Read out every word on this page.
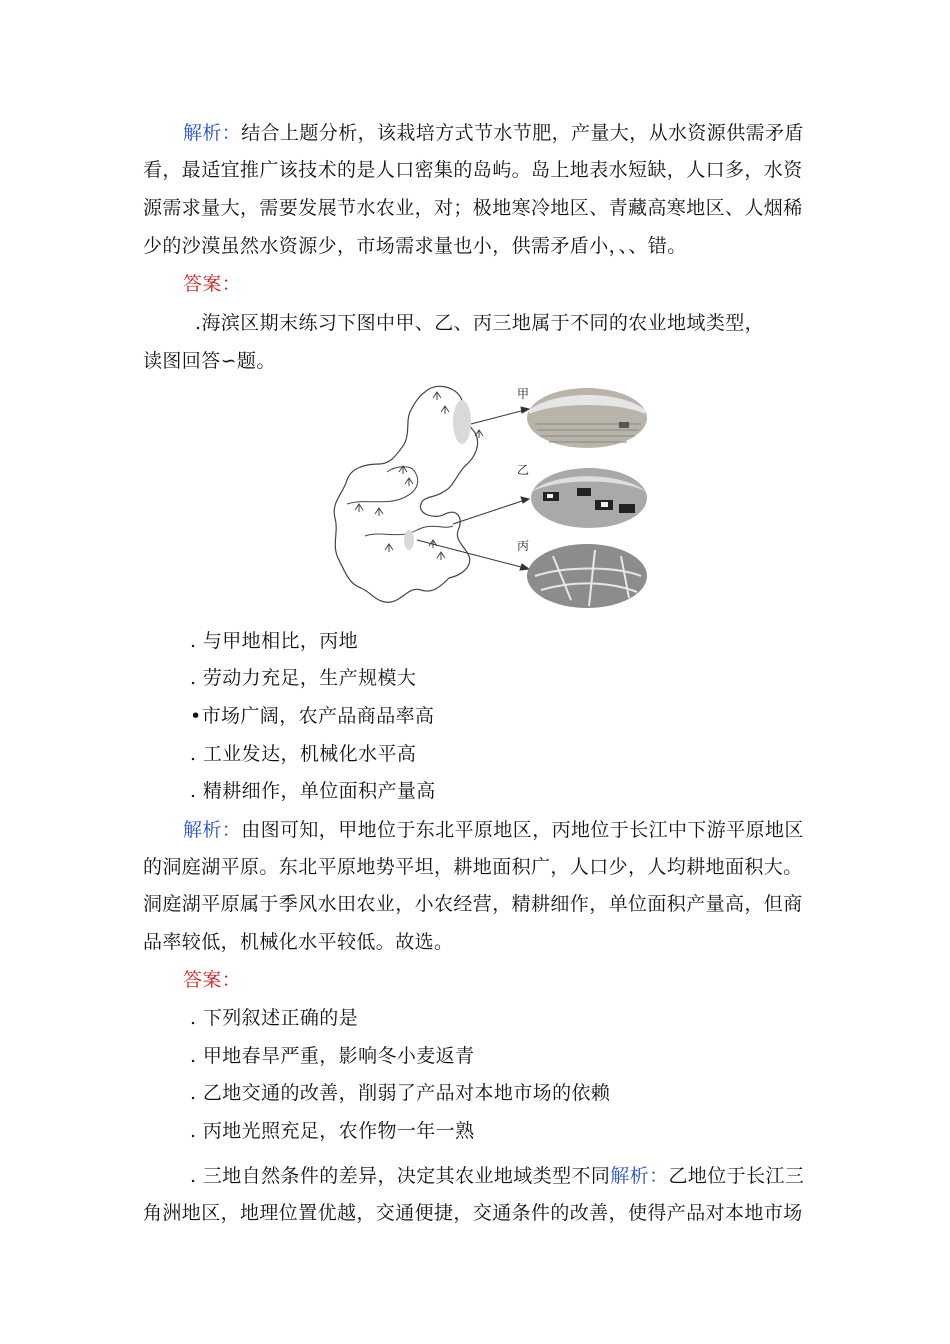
解析：结合上题分析，该栽培方式节水节肥，产量大，从水资源供需矛盾
看，最适宜推广该技术的是人口密集的岛屿。岛上地表水短缺，人口多，水资
源需求量大，需要发展节水农业，对；极地寒冷地区、青藏高寒地区、人烟稀
少的沙漠虽然水资源少，市场需求量也小，供需矛盾小，、、错。
答案：
.海滨区期末练习下图中甲、乙、丙三地属于不同的农业地域类型，
读图回答∽题。
甲
乙
丙
. 与甲地相比，丙地
. 劳动力充足，生产规模大
•市场广阔，农产品商品率高
. 工业发达，机械化水平高
. 精耕细作，单位面积产量高
解析：由图可知，甲地位于东北平原地区，丙地位于长江中下游平原地区
的洞庭湖平原。东北平原地势平坦，耕地面积广，人口少，人均耕地面积大。
洞庭湖平原属于季风水田农业，小农经营，精耕细作，单位面积产量高，但商
品率较低，机械化水平较低。故选。
答案：
. 下列叙述正确的是
. 甲地春旱严重，影响冬小麦返青
. 乙地交通的改善，削弱了产品对本地市场的依赖
. 丙地光照充足，农作物一年一熟
. 三地自然条件的差异，决定其农业地域类型不同解析：乙地位于长江三
角洲地区，地理位置优越，交通便捷，交通条件的改善，使得产品对本地市场
